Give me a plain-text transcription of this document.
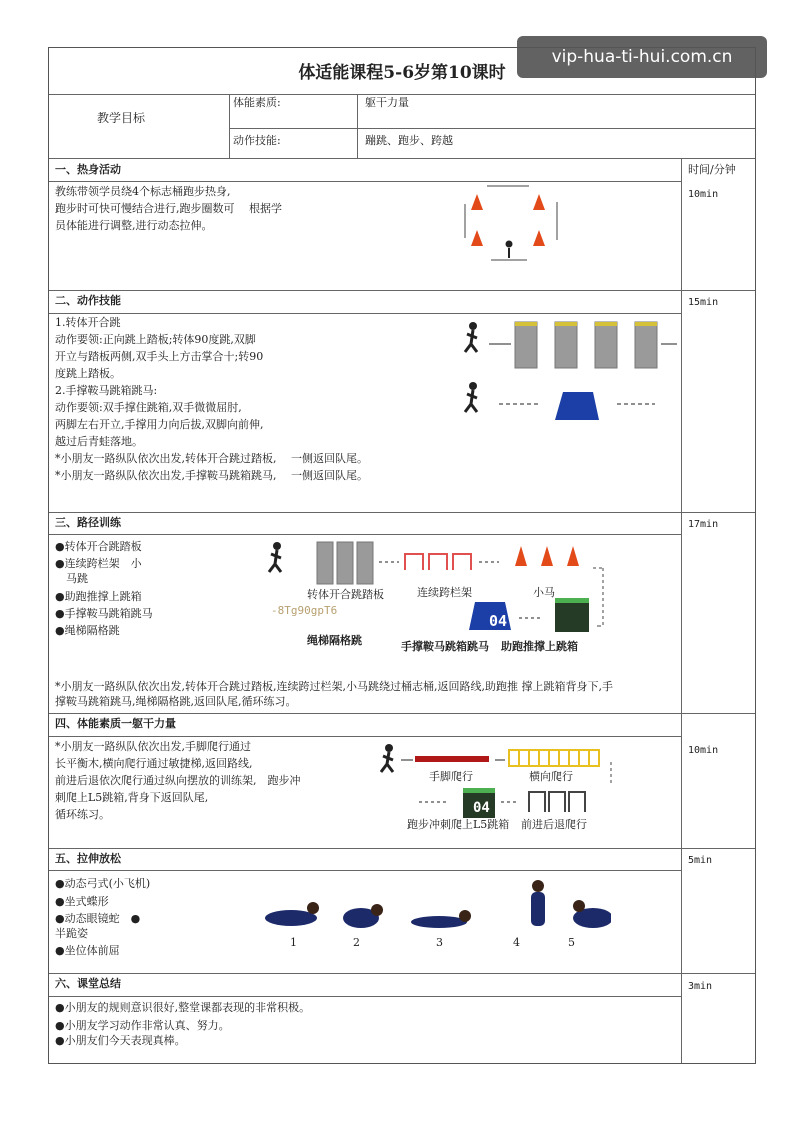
vip-hua-ti-hui.com.cn
体适能课程5-6岁第10课时
教学目标
体能素质:	躯干力量
动作技能:	蹦跳、跑步、跨越
时间/分钟
一、热身活动
10min
教练带领学员绕4个标志桶跑步热身,
跑步时可快可慢结合进行,跑步圈数可　 根据学
员体能进行调整,进行动态拉伸。
二、动作技能	15min
1.转体开合跳
动作要领:正向跳上踏板;转体90度跳,双脚
开立与踏板两侧,双手头上方击掌合十;转90
度跳上踏板。
2.手撑鞍马跳箱跳马:
动作要领:双手撑住跳箱,双手微微屈肘,
两脚左右开立,手撑用力向后拔,双脚向前伸,
越过后青蛙落地。
*小朋友一路纵队依次出发,转体开合跳过踏板,　 一侧返回队尾。
*小朋友一路纵队依次出发,手撑鞍马跳箱跳马,　 一侧返回队尾。
三、路径训练	17min
●转体开合跳踏板
●连续跨栏架　小
　马跳
●助跑推撑上跳箱
●手撑鞍马跳箱跳马
●绳梯隔格跳
04
转体开合跳踏板	连续跨栏架	小马
-8Tg90gpT6
绳梯隔格跳	手撑鞍马跳箱跳马 助跑推撑上跳箱
*小朋友一路纵队依次出发,转体开合跳过踏板,连续跨过栏架,小马跳绕过桶志桶,返回路线,助跑推 撑上跳箱背身下,手
撑鞍马跳箱跳马,绳梯隔格跳,返回队尾,循环练习。
四、体能素质一躯干力量
10min
*小朋友一路纵队依次出发,手脚爬行通过
长平衡木,横向爬行通过敏捷梯,返回路线,
前进后退依次爬行通过纵向摆放的训练架,　跑步冲
刺爬上L5跳箱,背身下返回队尾,
循环练习。	04
手脚爬行	横向爬行
跑步冲刺爬上L5跳箱 前进后退爬行
五、拉伸放松	5min
●动态弓式(小飞机)
●坐式蝶形
●动态眼镜蛇　●
半跪姿
●坐位体前屈
1	2	3	4	5
六、课堂总结	3min
●小朋友的规则意识很好,整堂课都表现的非常积极。
●小朋友学习动作非常认真、努力。
●小朋友们今天表现真棒。
